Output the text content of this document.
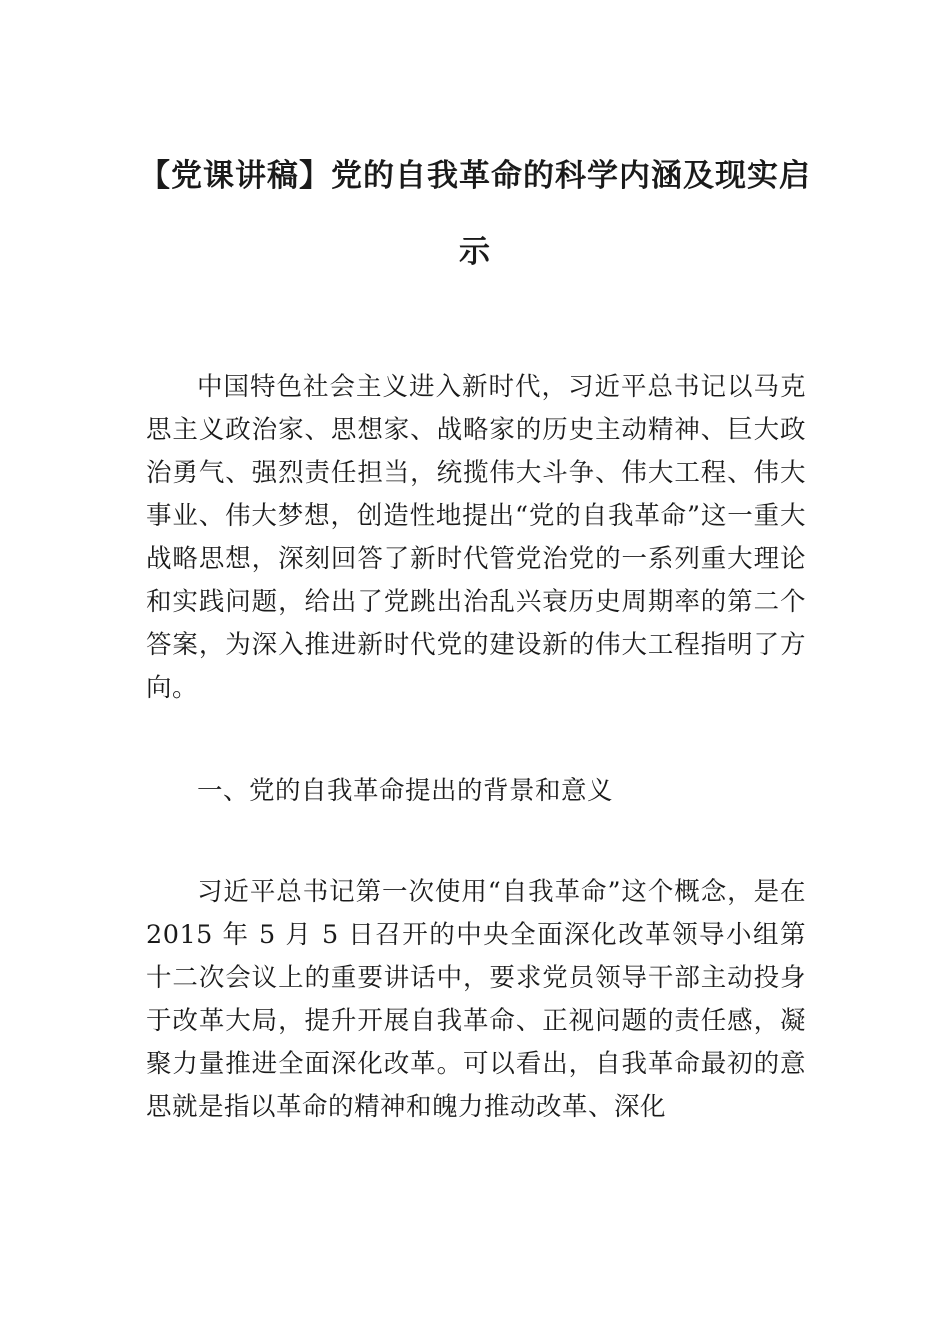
【党课讲稿】党的自我革命的科学内涵及现实启示

中国特色社会主义进入新时代，习近平总书记以马克思主义政治家、思想家、战略家的历史主动精神、巨大政治勇气、强烈责任担当，统揽伟大斗争、伟大工程、伟大事业、伟大梦想，创造性地提出“党的自我革命”这一重大战略思想，深刻回答了新时代管党治党的一系列重大理论和实践问题，给出了党跳出治乱兴衰历史周期率的第二个答案，为深入推进新时代党的建设新的伟大工程指明了方向。

一、党的自我革命提出的背景和意义

习近平总书记第一次使用“自我革命”这个概念，是在 2015 年 5 月 5 日召开的中央全面深化改革领导小组第十二次会议上的重要讲话中，要求党员领导干部主动投身于改革大局，提升开展自我革命、正视问题的责任感，凝聚力量推进全面深化改革。可以看出，自我革命最初的意思就是指以革命的精神和魄力推动改革、深化
